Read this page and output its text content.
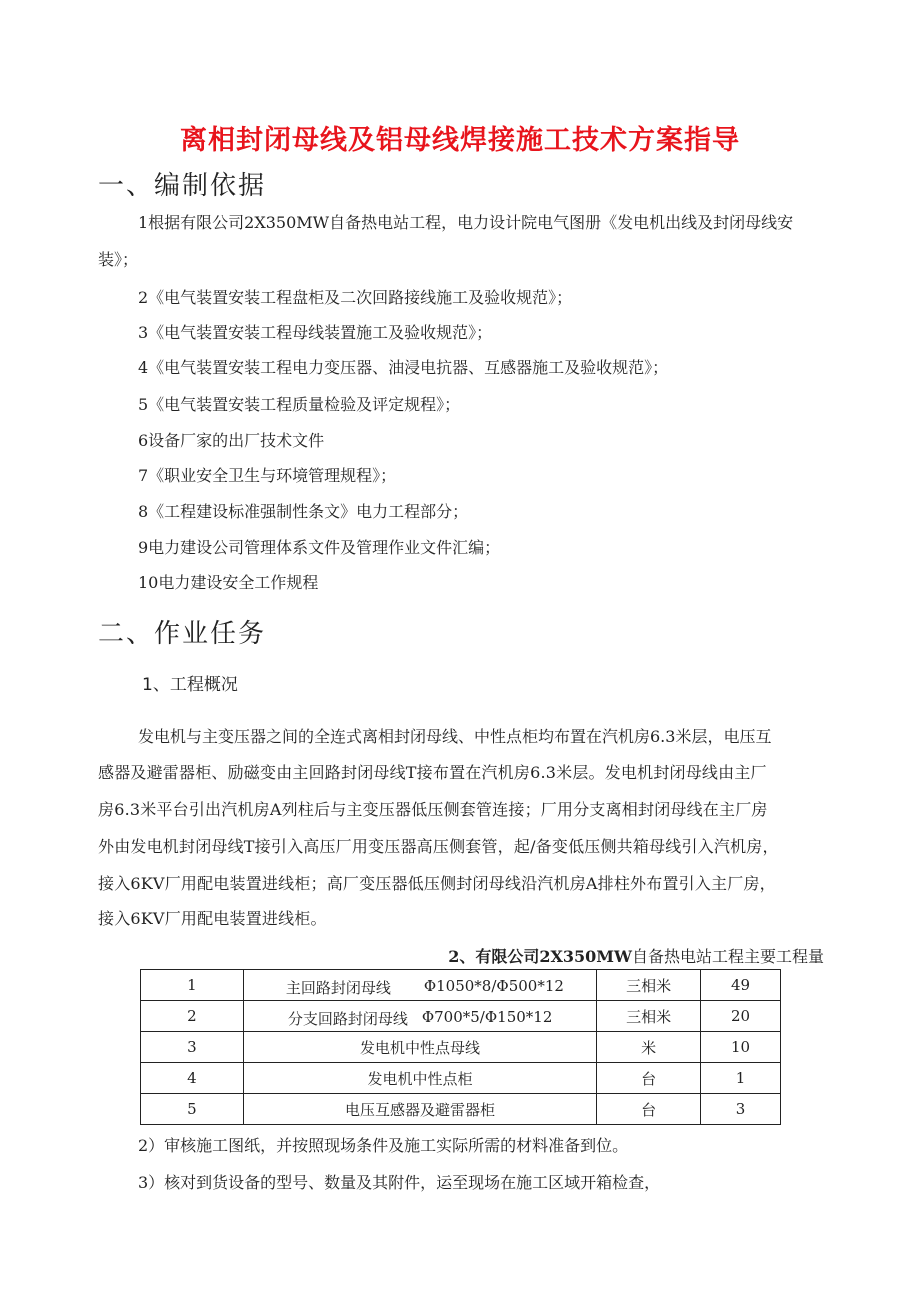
离相封闭母线及铝母线焊接施工技术方案指导
一、编制依据
1根据有限公司2X350MW自备热电站工程，电力设计院电气图册《发电机出线及封闭母线安
装》；
2《电气装置安装工程盘柜及二次回路接线施工及验收规范》；
3《电气装置安装工程母线装置施工及验收规范》；
4《电气装置安装工程电力变压器、油浸电抗器、互感器施工及验收规范》；
5《电气装置安装工程质量检验及评定规程》；
6设备厂家的出厂技术文件
7《职业安全卫生与环境管理规程》；
8《工程建设标准强制性条文》电力工程部分；
9电力建设公司管理体系文件及管理作业文件汇编；
10电力建设安全工作规程
二、作业任务
1、工程概况
发电机与主变压器之间的全连式离相封闭母线、中性点柜均布置在汽机房6.3米层，电压互
感器及避雷器柜、励磁变由主回路封闭母线T接布置在汽机房6.3米层。发电机封闭母线由主厂
房6.3米平台引出汽机房A列柱后与主变压器低压侧套管连接；厂用分支离相封闭母线在主厂房
外由发电机封闭母线T接引入高压厂用变压器高压侧套管，起/备变低压侧共箱母线引入汽机房，
接入6KV厂用配电装置进线柜；高厂变压器低压侧封闭母线沿汽机房A排柱外布置引入主厂房，
接入6KV厂用配电装置进线柜。
2、有限公司2X350MW自备热电站工程主要工程量
1	主回路封闭母线 Φ1050*8/Φ500*12	三相米	49
2	分支回路封闭母线 Φ700*5/Φ150*12	三相米	20
3	发电机中性点母线	米	10
4	发电机中性点柜	台	1
5	电压互感器及避雷器柜	台	3
2）审核施工图纸，并按照现场条件及施工实际所需的材料准备到位。
3）核对到货设备的型号、数量及其附件，运至现场在施工区域开箱检查，
